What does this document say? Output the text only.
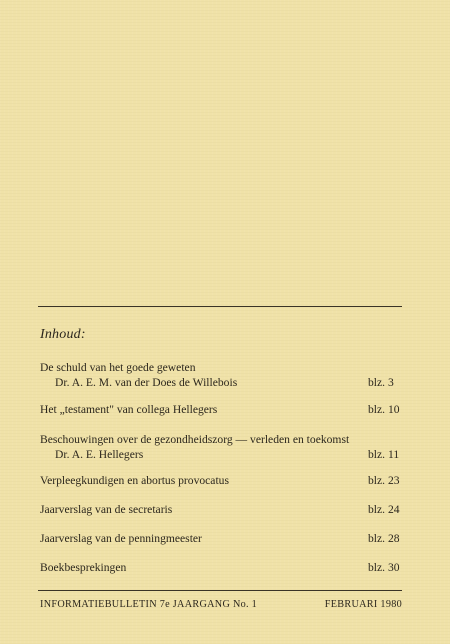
Inhoud:
De schuld van het goede geweten
Dr. A. E. M. van der Does de Willebois	blz. 3
Het „testament" van collega Hellegers	blz. 10
Beschouwingen over de gezondheidszorg — verleden en toekomst
Dr. A. E. Hellegers	blz. 11
Verpleegkundigen en abortus provocatus	blz. 23
Jaarverslag van de secretaris	blz. 24
Jaarverslag van de penningmeester	blz. 28
Boekbesprekingen	blz. 30
INFORMATIEBULLETIN 7e JAARGANG No. 1	FEBRUARI 1980
